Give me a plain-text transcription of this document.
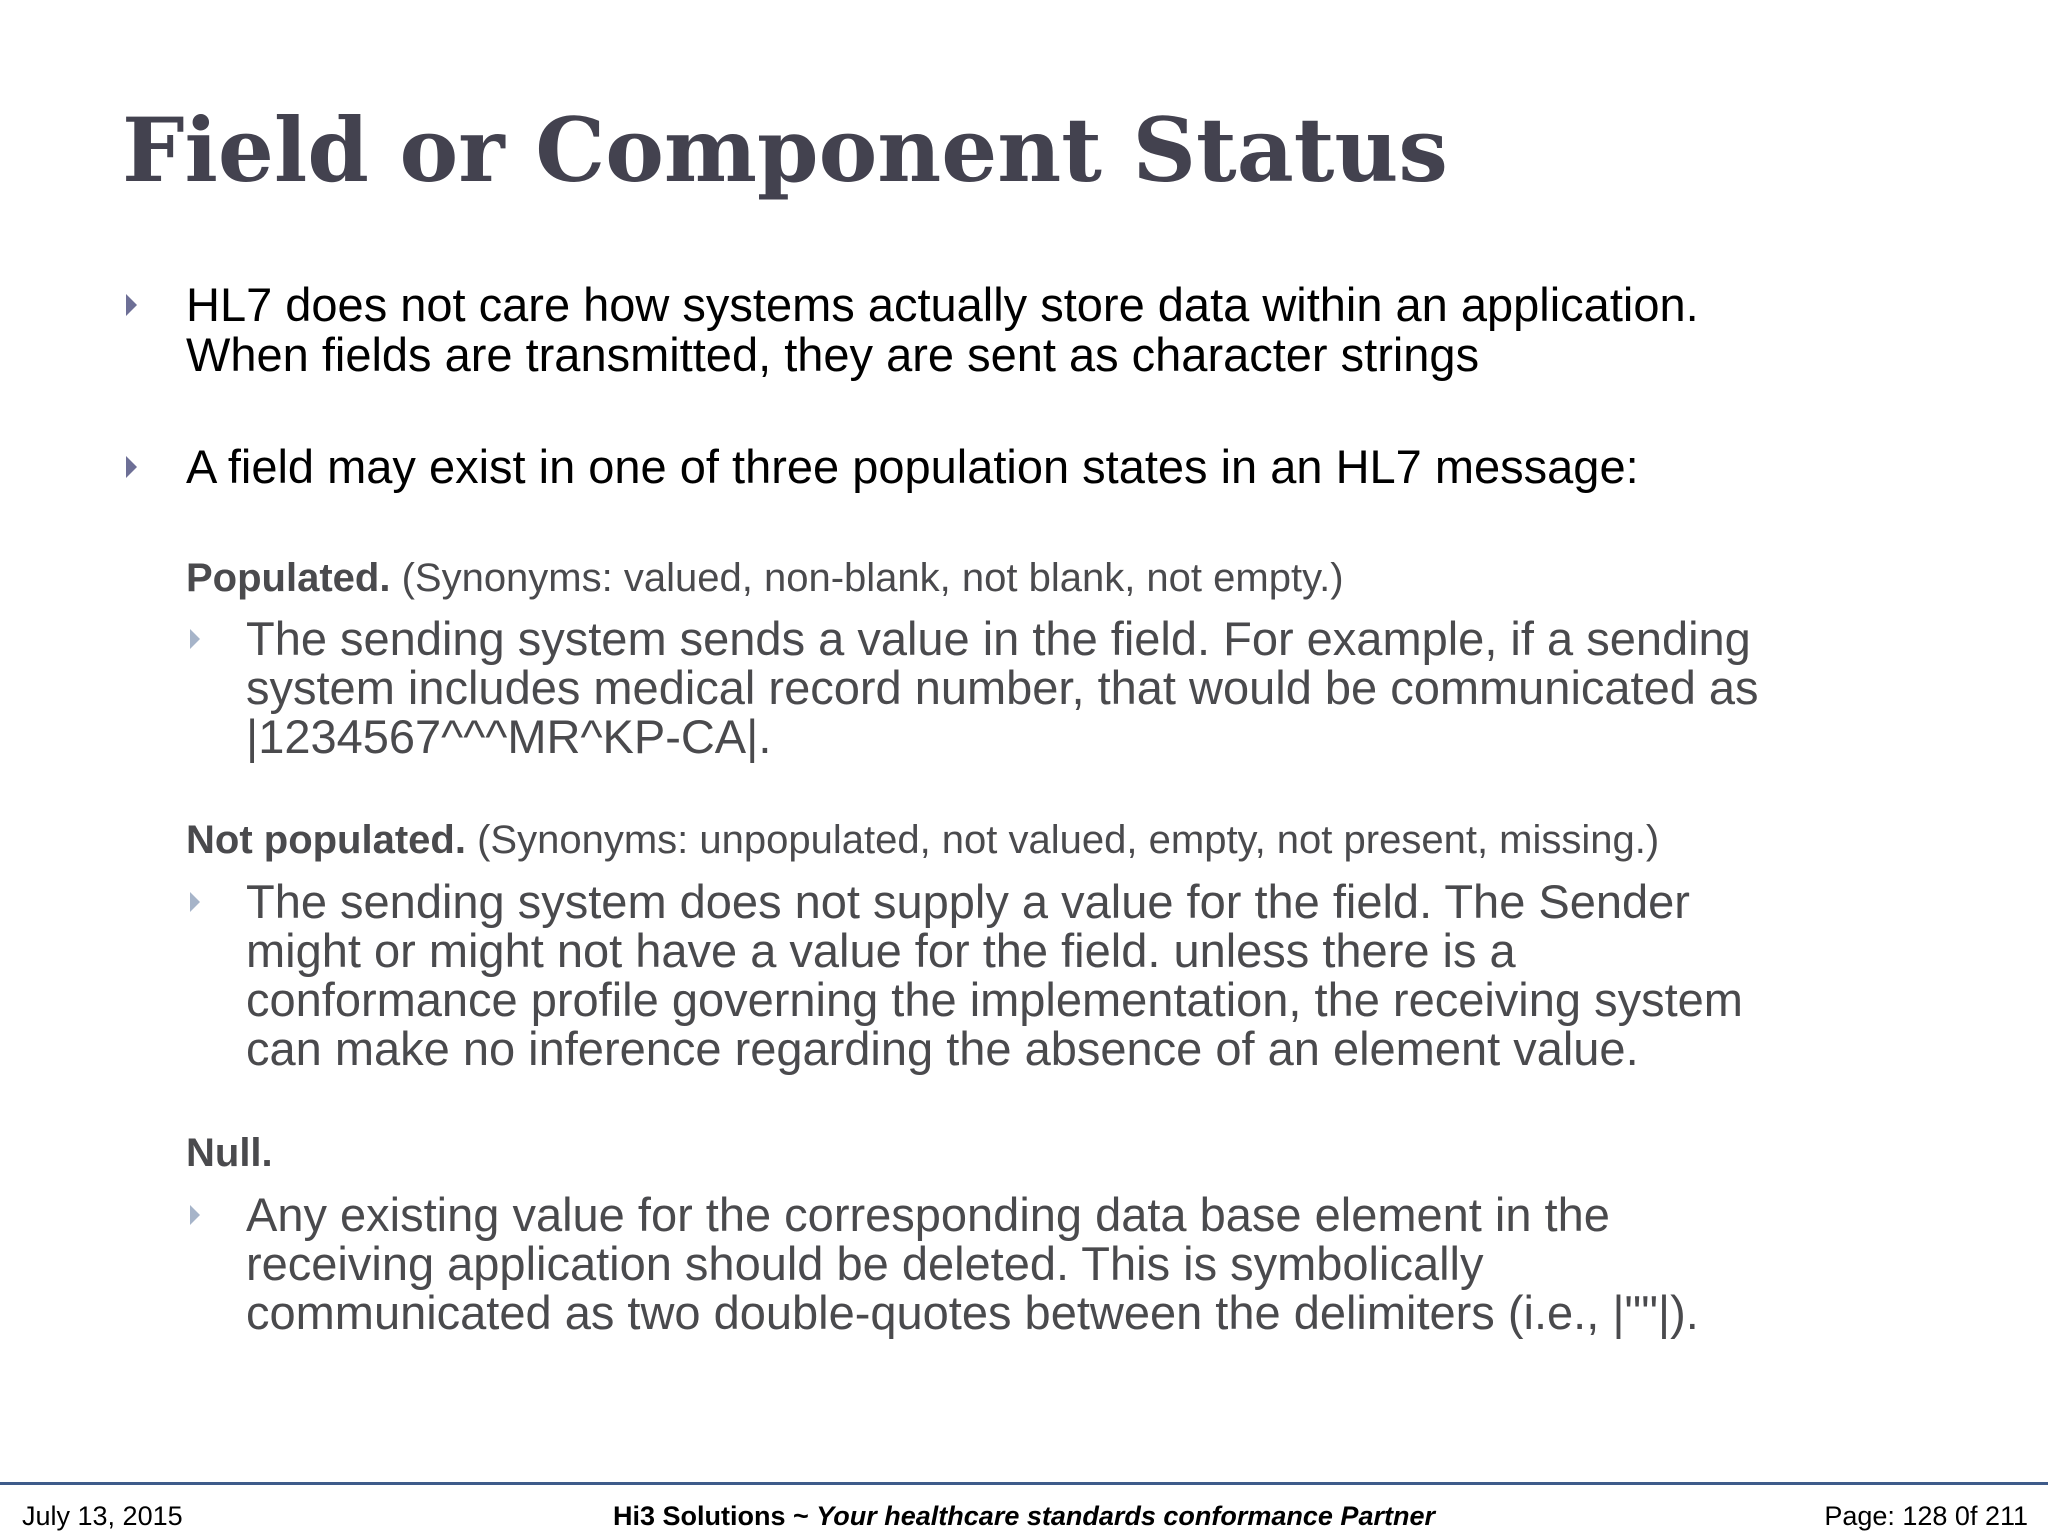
Field or Component Status

HL7 does not care how systems actually store data within an application.
When fields are transmitted, they are sent as character strings

A field may exist in one of three population states in an HL7 message:

Populated. (Synonyms: valued, non-blank, not blank, not empty.)

The sending system sends a value in the field. For example, if a sending
system includes medical record number, that would be communicated as
|1234567^^^MR^KP-CA|.

Not populated. (Synonyms: unpopulated, not valued, empty, not present, missing.)

The sending system does not supply a value for the field. The Sender
might or might not have a value for the field. unless there is a
conformance profile governing the implementation, the receiving system
can make no inference regarding the absence of an element value.

Null.

Any existing value for the corresponding data base element in the
receiving application should be deleted. This is symbolically
communicated as two double-quotes between the delimiters (i.e., |""|).

July 13, 2015	Hi3 Solutions ~ Your healthcare standards conformance Partner	Page: 128 0f 211
